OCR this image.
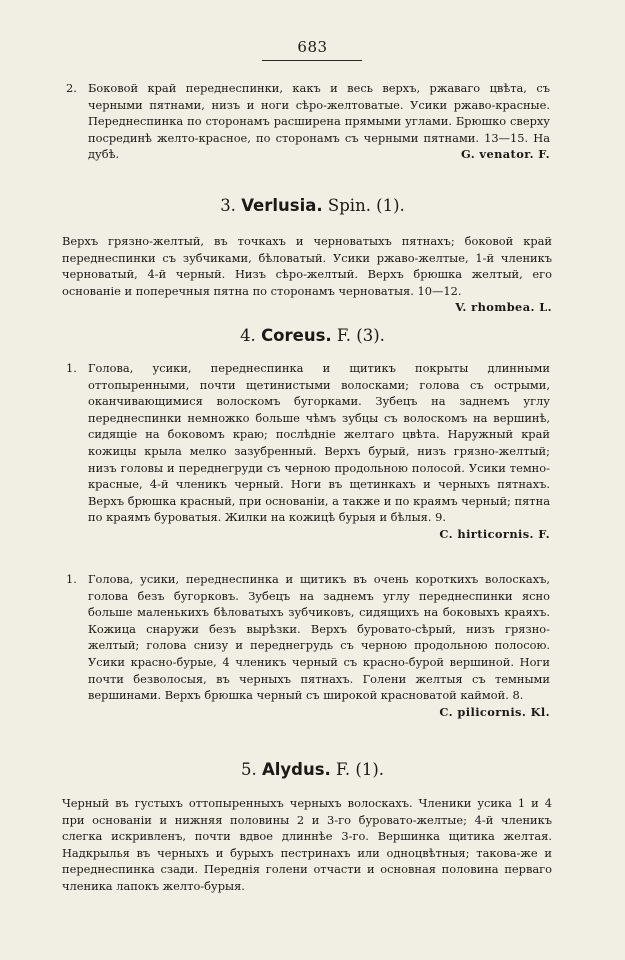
683
2. Боковой край переднеспинки, какъ и весь верхъ, ржаваго цвѣта, съ черными пятнами, низъ и ноги сѣро-желтоватые. Усики ржаво-красные. Переднеспинка по сторонамъ расширена прямыми углами. Брюшко сверху посрединѣ желто-красное, по сторонамъ съ черными пятнами. 13—15. На дубѣ.	G. venator. F.
3. Verlusia. Spin. (1).
Верхъ грязно-желтый, въ точкахъ и черноватыхъ пятнахъ; боковой край переднеспинки съ зубчиками, бѣловатый. Усики ржаво-желтые, 1-й членикъ черноватый, 4-й черный. Низъ сѣро-желтый. Верхъ брюшка желтый, его основаніе и поперечныя пятна по сторонамъ черноватыя. 10—12.
V. rhombea. L.
4. Coreus. F. (3).
1. Голова, усики, переднеспинка и щитикъ покрыты длинными оттопыренными, почти щетинистыми волосками; голова съ острыми, оканчивающимися волоскомъ бугорками. Зубецъ на заднемъ углу переднеспинки немножко больше чѣмъ зубцы съ волоскомъ на вершинѣ, сидящіе на боковомъ краю; послѣдніе желтаго цвѣта. Наружный край кожицы крыла мелко зазубренный. Верхъ бурый, низъ грязно-желтый; низъ головы и переднегруди съ черною продольною полосой. Усики темно-красные, 4-й членикъ черный. Ноги въ щетинкахъ и черныхъ пятнахъ. Верхъ брюшка красный, при основаніи, а также и по краямъ черный; пятна по краямъ буроватыя. Жилки на кожицѣ бурыя и бѣлыя. 9.
C. hirticornis. F.
1. Голова, усики, переднеспинка и щитикъ въ очень короткихъ волоскахъ, голова безъ бугорковъ. Зубецъ на заднемъ углу переднеспинки ясно больше маленькихъ бѣловатыхъ зубчиковъ, сидящихъ на боковыхъ краяхъ. Кожица снаружи безъ вырѣзки. Верхъ буровато-сѣрый, низъ грязно-желтый; голова снизу и переднегрудь съ черною продольною полосою. Усики красно-бурые, 4 членикъ черный съ красно-бурой вершиной. Ноги почти безволосыя, въ черныхъ пятнахъ. Голени желтыя съ темными вершинами. Верхъ брюшка черный съ широкой красноватой каймой. 8.
C. pilicornis. Kl.
5. Alydus. F. (1).
Черный въ густыхъ оттопыренныхъ черныхъ волоскахъ. Членики усика 1 и 4 при основаніи и нижняя половины 2 и 3-го буровато-желтые; 4-й членикъ слегка искривленъ, почти вдвое длиннѣе 3-го. Вершинка щитика желтая. Надкрылья въ черныхъ и бурыхъ пестринахъ или одноцвѣтныя; такова-же и переднеспинка сзади. Переднія голени отчасти и основная половина перваго членика лапокъ желто-бурыя.
